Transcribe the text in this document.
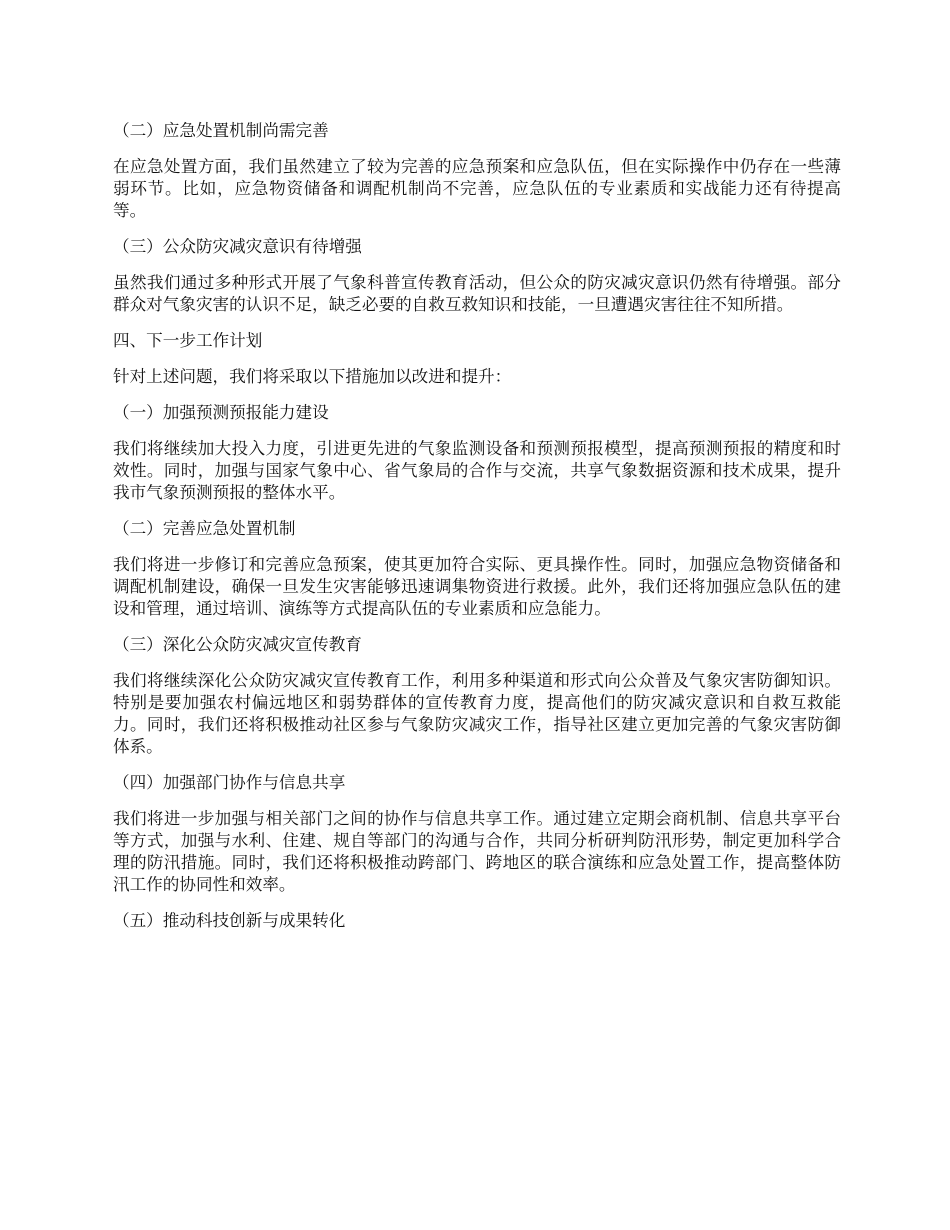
（二）应急处置机制尚需完善
在应急处置方面，我们虽然建立了较为完善的应急预案和应急队伍，但在实际操作中仍存在一些薄弱环节。比如，应急物资储备和调配机制尚不完善，应急队伍的专业素质和实战能力还有待提高等。
（三）公众防灾减灾意识有待增强
虽然我们通过多种形式开展了气象科普宣传教育活动，但公众的防灾减灾意识仍然有待增强。部分群众对气象灾害的认识不足，缺乏必要的自救互救知识和技能，一旦遭遇灾害往往不知所措。
四、下一步工作计划
针对上述问题，我们将采取以下措施加以改进和提升：
（一）加强预测预报能力建设
我们将继续加大投入力度，引进更先进的气象监测设备和预测预报模型，提高预测预报的精度和时效性。同时，加强与国家气象中心、省气象局的合作与交流，共享气象数据资源和技术成果，提升我市气象预测预报的整体水平。
（二）完善应急处置机制
我们将进一步修订和完善应急预案，使其更加符合实际、更具操作性。同时，加强应急物资储备和调配机制建设，确保一旦发生灾害能够迅速调集物资进行救援。此外，我们还将加强应急队伍的建设和管理，通过培训、演练等方式提高队伍的专业素质和应急能力。
（三）深化公众防灾减灾宣传教育
我们将继续深化公众防灾减灾宣传教育工作，利用多种渠道和形式向公众普及气象灾害防御知识。特别是要加强农村偏远地区和弱势群体的宣传教育力度，提高他们的防灾减灾意识和自救互救能力。同时，我们还将积极推动社区参与气象防灾减灾工作，指导社区建立更加完善的气象灾害防御体系。
（四）加强部门协作与信息共享
我们将进一步加强与相关部门之间的协作与信息共享工作。通过建立定期会商机制、信息共享平台等方式，加强与水利、住建、规自等部门的沟通与合作，共同分析研判防汛形势，制定更加科学合理的防汛措施。同时，我们还将积极推动跨部门、跨地区的联合演练和应急处置工作，提高整体防汛工作的协同性和效率。
（五）推动科技创新与成果转化
